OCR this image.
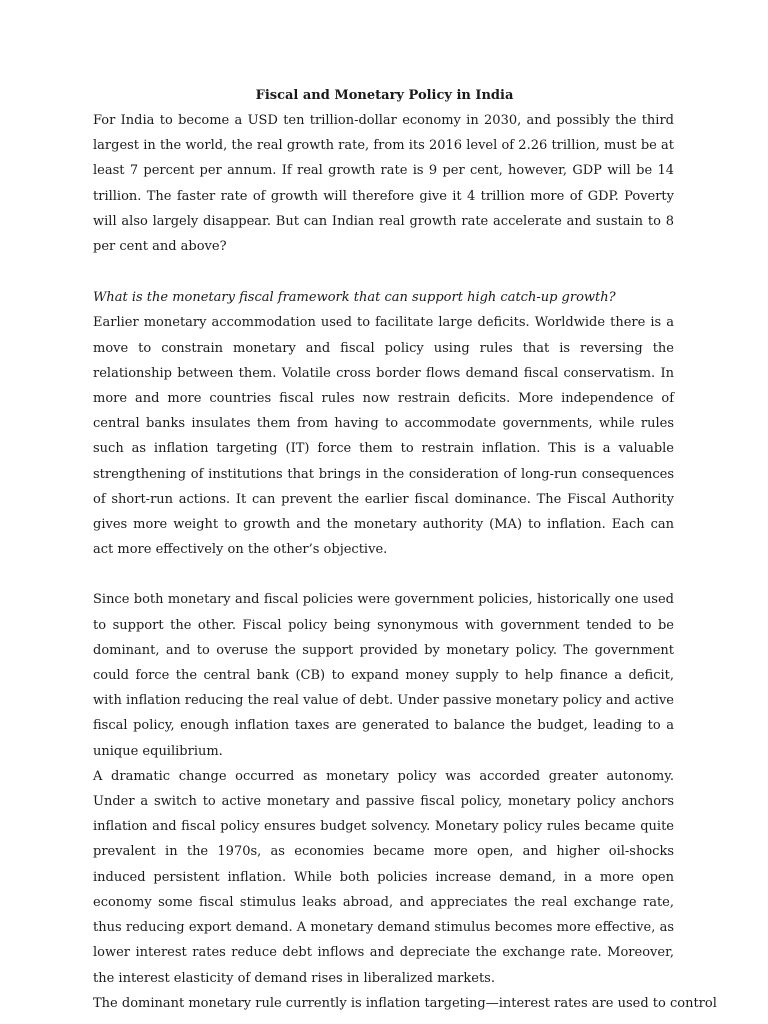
Fiscal and Monetary Policy in India

For India to become a USD ten trillion-dollar economy in 2030, and possibly the third largest in the world, the real growth rate, from its 2016 level of 2.26 trillion, must be at least 7 percent per annum. If real growth rate is 9 per cent, however, GDP will be 14 trillion. The faster rate of growth will therefore give it 4 trillion more of GDP. Poverty will also largely disappear. But can Indian real growth rate accelerate and sustain to 8 per cent and above?

What is the monetary fiscal framework that can support high catch-up growth?

Earlier monetary accommodation used to facilitate large deficits. Worldwide there is a move to constrain monetary and fiscal policy using rules that is reversing the relationship between them. Volatile cross border flows demand fiscal conservatism. In more and more countries fiscal rules now restrain deficits. More independence of central banks insulates them from having to accommodate governments, while rules such as inflation targeting (IT) force them to restrain inflation. This is a valuable strengthening of institutions that brings in the consideration of long-run consequences of short-run actions. It can prevent the earlier fiscal dominance. The Fiscal Authority gives more weight to growth and the monetary authority (MA) to inflation. Each can act more effectively on the other’s objective.

Since both monetary and fiscal policies were government policies, historically one used to support the other. Fiscal policy being synonymous with government tended to be dominant, and to overuse the support provided by monetary policy. The government could force the central bank (CB) to expand money supply to help finance a deficit, with inflation reducing the real value of debt. Under passive monetary policy and active fiscal policy, enough inflation taxes are generated to balance the budget, leading to a unique equilibrium.

A dramatic change occurred as monetary policy was accorded greater autonomy. Under a switch to active monetary and passive fiscal policy, monetary policy anchors inflation and fiscal policy ensures budget solvency. Monetary policy rules became quite prevalent in the 1970s, as economies became more open, and higher oil-shocks induced persistent inflation. While both policies increase demand, in a more open economy some fiscal stimulus leaks abroad, and appreciates the real exchange rate, thus reducing export demand. A monetary demand stimulus becomes more effective, as lower interest rates reduce debt inflows and depreciate the exchange rate. Moreover, the interest elasticity of demand rises in liberalized markets.

The dominant monetary rule currently is inflation targeting—interest rates are used to control
